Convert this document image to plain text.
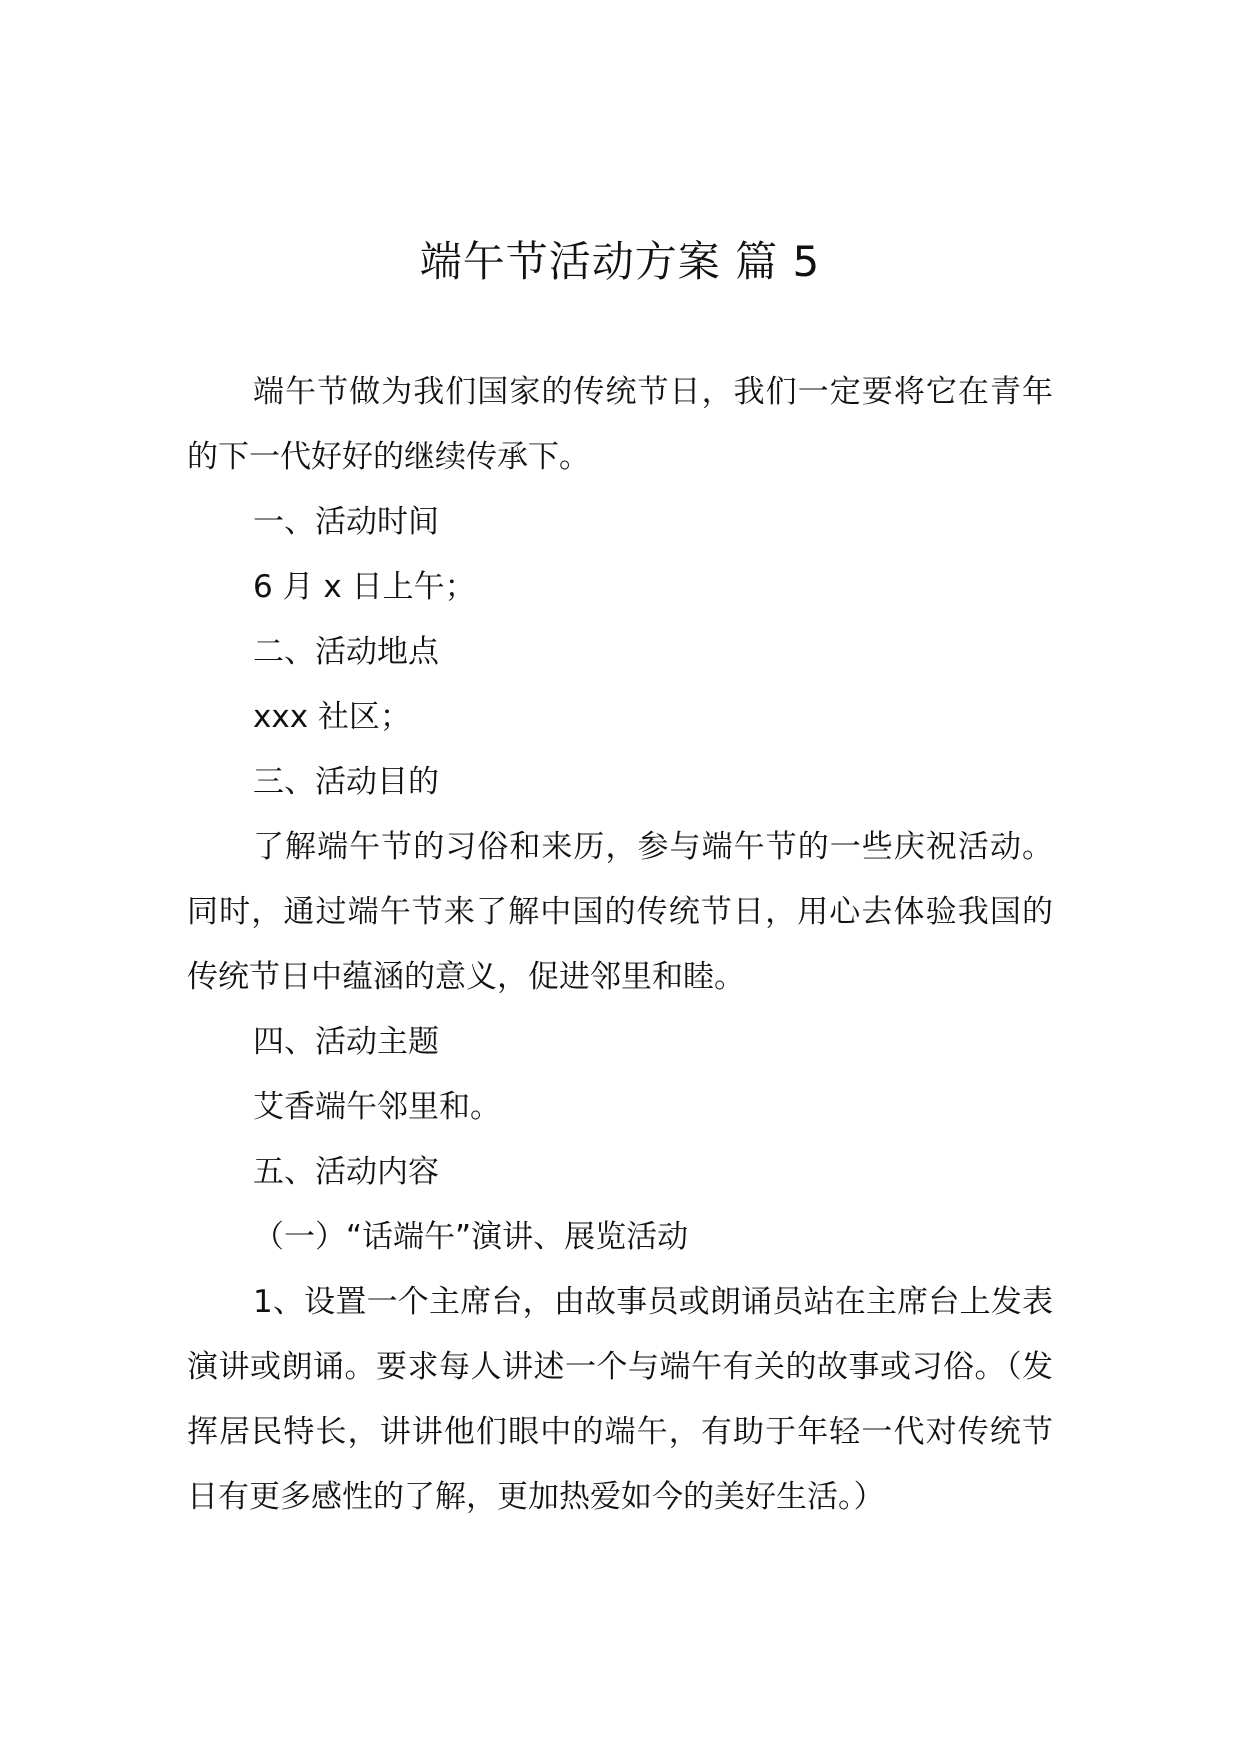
端午节活动方案 篇 5

端午节做为我们国家的传统节日，我们一定要将它在青年的下一代好好的继续传承下。

一、活动时间

6 月 x 日上午；

二、活动地点

xxx 社区；

三、活动目的

了解端午节的习俗和来历，参与端午节的一些庆祝活动。同时，通过端午节来了解中国的传统节日，用心去体验我国的传统节日中蕴涵的意义，促进邻里和睦。

四、活动主题

艾香端午邻里和。

五、活动内容

（一）“话端午”演讲、展览活动

1、设置一个主席台，由故事员或朗诵员站在主席台上发表演讲或朗诵。要求每人讲述一个与端午有关的故事或习俗。（发挥居民特长，讲讲他们眼中的端午，有助于年轻一代对传统节日有更多感性的了解，更加热爱如今的美好生活。）
